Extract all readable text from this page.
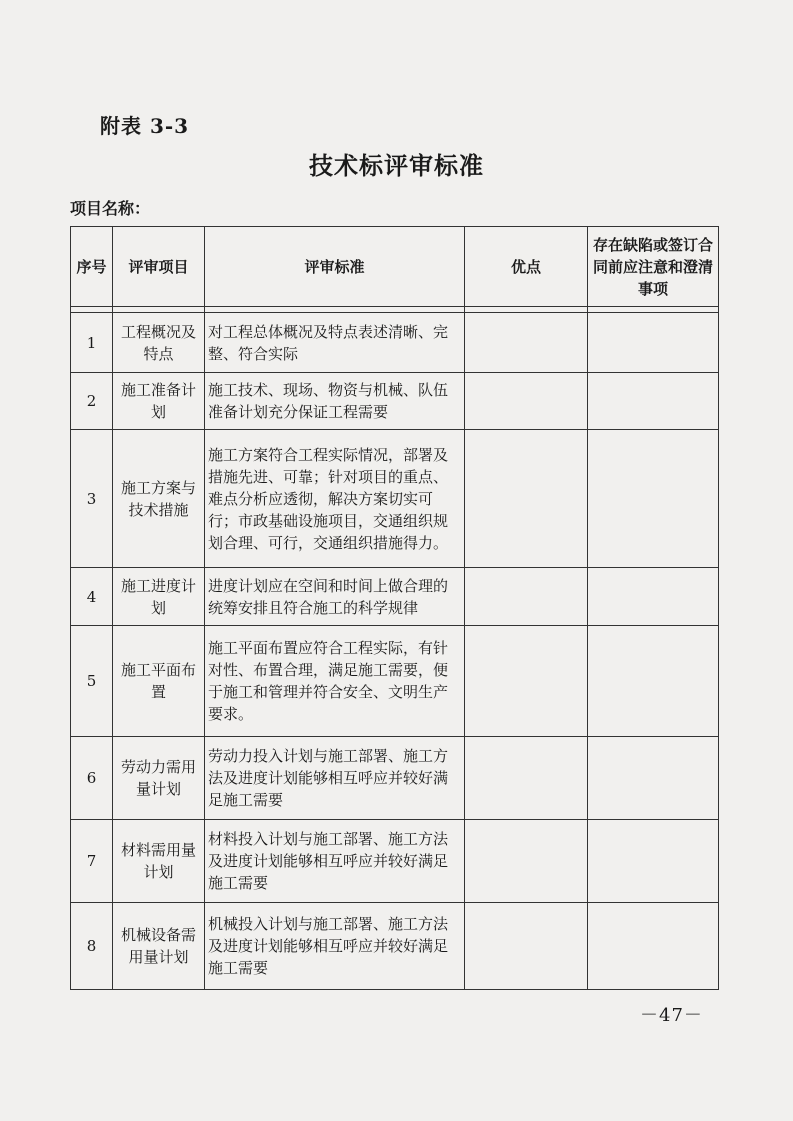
附表 3-3
技术标评审标准
项目名称：
序号	评审项目	评审标准	优点	存在缺陷或签订合同前应注意和澄清事项

1	工程概况及特点	对工程总体概况及特点表述清晰、完整、符合实际		
2	施工准备计划	施工技术、现场、物资与机械、队伍准备计划充分保证工程需要		
3	施工方案与技术措施	施工方案符合工程实际情况，部署及措施先进、可靠；针对项目的重点、难点分析应透彻，解决方案切实可行；市政基础设施项目，交通组织规划合理、可行，交通组织措施得力。		
4	施工进度计划	进度计划应在空间和时间上做合理的统筹安排且符合施工的科学规律		
5	施工平面布置	施工平面布置应符合工程实际，有针对性、布置合理，满足施工需要，便于施工和管理并符合安全、文明生产要求。		
6	劳动力需用量计划	劳动力投入计划与施工部署、施工方法及进度计划能够相互呼应并较好满足施工需要		
7	材料需用量计划	材料投入计划与施工部署、施工方法及进度计划能够相互呼应并较好满足施工需要		
8	机械设备需用量计划	机械投入计划与施工部署、施工方法及进度计划能够相互呼应并较好满足施工需要		
－47－
